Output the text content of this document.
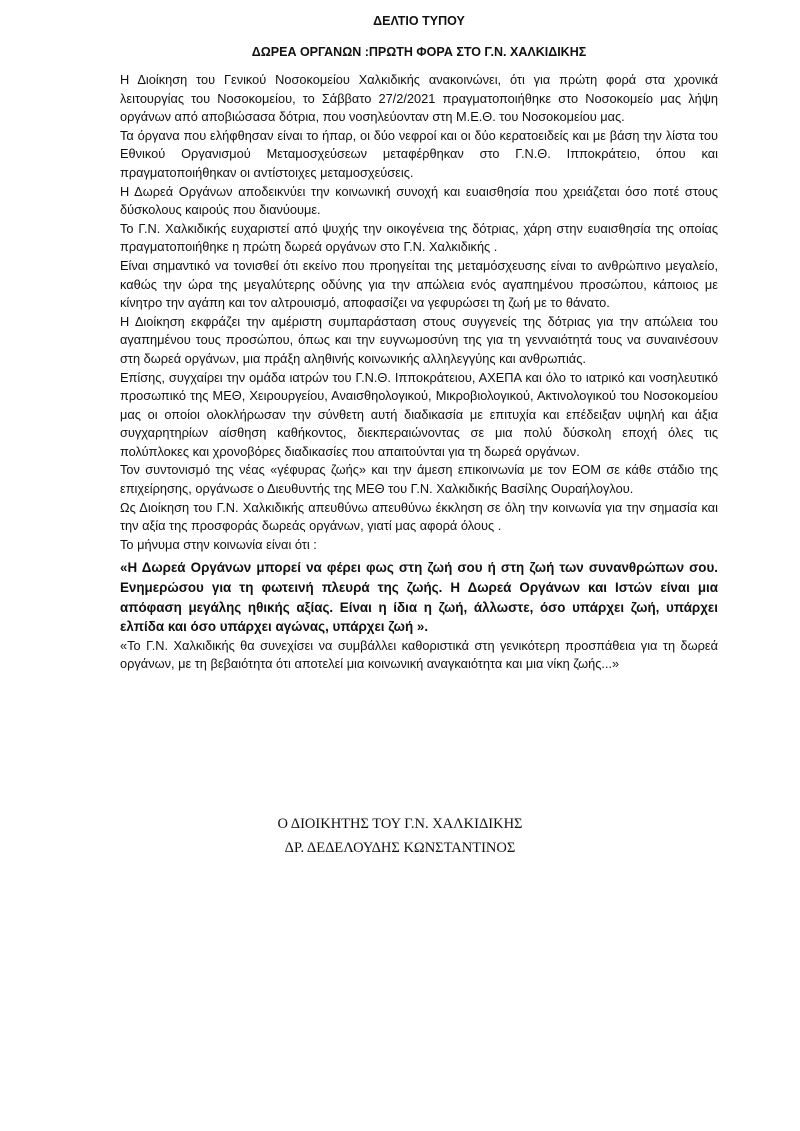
ΔΕΛΤΙΟ ΤΥΠΟΥ

ΔΩΡΕΑ ΟΡΓΑΝΩΝ :ΠΡΩΤΗ ΦΟΡΑ ΣΤΟ Γ.Ν. ΧΑΛΚΙΔΙΚΗΣ

Η Διοίκηση του Γενικού Νοσοκομείου Χαλκιδικής ανακοινώνει, ότι για πρώτη φορά στα χρονικά λειτουργίας του Νοσοκομείου, το Σάββατο 27/2/2021 πραγματοποιήθηκε στο Νοσοκομείο μας λήψη οργάνων από αποβιώσασα δότρια, που νοσηλεύονταν στη Μ.Ε.Θ. του Νοσοκομείου μας.

Τα όργανα που ελήφθησαν είναι το ήπαρ, οι δύο νεφροί και οι δύο κερατοειδείς και με βάση την λίστα του Εθνικού Οργανισμού Μεταμοσχεύσεων μεταφέρθηκαν στο Γ.Ν.Θ. Ιπποκράτειο, όπου και πραγματοποιήθηκαν οι αντίστοιχες μεταμοσχεύσεις.

Η Δωρεά Οργάνων αποδεικνύει την κοινωνική συνοχή και ευαισθησία που χρειάζεται όσο ποτέ στους δύσκολους καιρούς που διανύουμε.

Το Γ.Ν. Χαλκιδικής ευχαριστεί από ψυχής την οικογένεια της δότριας, χάρη στην ευαισθησία της οποίας πραγματοποιήθηκε η πρώτη δωρεά οργάνων στο Γ.Ν. Χαλκιδικής .

Είναι σημαντικό να τονισθεί ότι εκείνο που προηγείται της μεταμόσχευσης είναι το ανθρώπινο μεγαλείο, καθώς την ώρα της μεγαλύτερης οδύνης για την απώλεια ενός αγαπημένου προσώπου, κάποιος με κίνητρο την αγάπη και τον αλτρουισμό, αποφασίζει να γεφυρώσει τη ζωή με το θάνατο.

Η Διοίκηση εκφράζει την αμέριστη συμπαράσταση στους συγγενείς της δότριας για την απώλεια του αγαπημένου τους προσώπου, όπως και την ευγνωμοσύνη της για τη γενναιότητά τους να συναινέσουν στη δωρεά οργάνων, μια πράξη αληθινής κοινωνικής αλληλεγγύης και ανθρωπιάς.

Επίσης, συγχαίρει την ομάδα ιατρών του Γ.Ν.Θ. Ιπποκράτειου, ΑΧΕΠΑ και όλο το ιατρικό και νοσηλευτικό προσωπικό της ΜΕΘ, Χειρουργείου, Αναισθηολογικού, Μικροβιολογικού, Ακτινολογικού του Νοσοκομείου μας οι οποίοι ολοκλήρωσαν την σύνθετη αυτή διαδικασία με επιτυχία και επέδειξαν υψηλή και άξια συγχαρητηρίων αίσθηση καθήκοντος, διεκπεραιώνοντας σε μια πολύ δύσκολη εποχή όλες τις πολύπλοκες και χρονοβόρες διαδικασίες που απαιτούνται για τη δωρεά οργάνων.

Τον συντονισμό της νέας «γέφυρας ζωής» και την άμεση επικοινωνία με τον ΕΟΜ σε κάθε στάδιο της επιχείρησης, οργάνωσε ο Διευθυντής της ΜΕΘ του Γ.Ν. Χαλκιδικής Βασίλης Ουραήλογλου.

Ως Διοίκηση του Γ.Ν. Χαλκιδικής απευθύνω απευθύνω έκκληση σε όλη την κοινωνία για την σημασία και την αξία της προσφοράς δωρεάς οργάνων, γιατί μας αφορά όλους .

Το μήνυμα στην κοινωνία είναι ότι :

«Η Δωρεά Οργάνων μπορεί να φέρει φως στη ζωή σου ή στη ζωή των συνανθρώπων σου. Ενημερώσου για τη φωτεινή πλευρά της ζωής. Η Δωρεά Οργάνων και Ιστών είναι μια απόφαση μεγάλης ηθικής αξίας. Είναι η ίδια η ζωή, άλλωστε, όσο υπάρχει ζωή, υπάρχει ελπίδα και όσο υπάρχει αγώνας, υπάρχει ζωή ».

«Το Γ.Ν. Χαλκιδικής θα συνεχίσει να συμβάλλει καθοριστικά στη γενικότερη προσπάθεια για τη δωρεά οργάνων, με τη βεβαιότητα ότι αποτελεί μια κοινωνική αναγκαιότητα και μια νίκη ζωής...»

Ο ΔΙΟΙΚΗΤΗΣ ΤΟΥ Γ.Ν. ΧΑΛΚΙΔΙΚΗΣ
ΔΡ. ΔΕΔΕΛΟΥΔΗΣ ΚΩΝΣΤΑΝΤΙΝΟΣ
